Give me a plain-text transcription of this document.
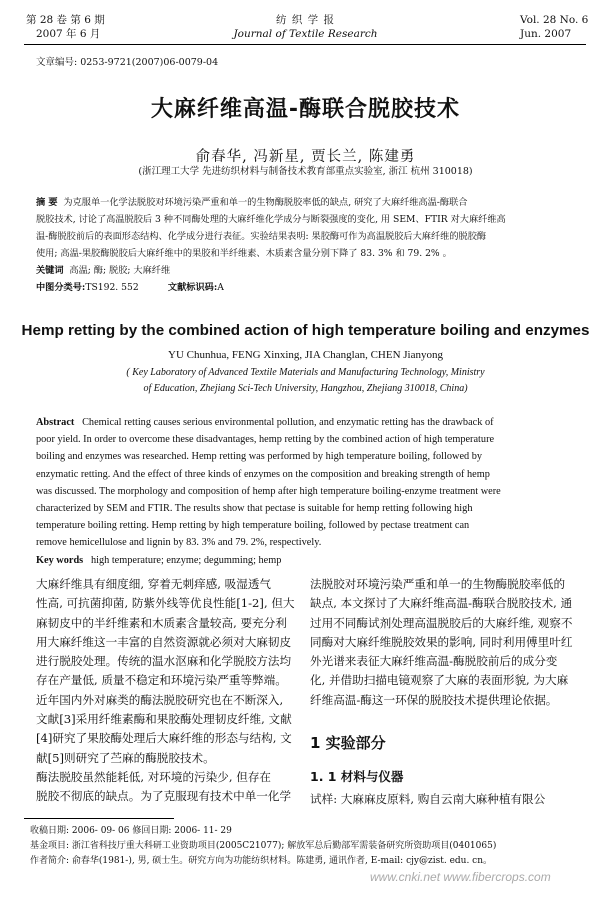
第 28 卷 第 6 期
2007 年 6 月
纺 织 学 报
Journal of Textile Research
Vol. 28 No. 6
Jun. 2007
文章编号: 0253-9721(2007)06-0079-04
大麻纤维高温-酶联合脱胶技术
俞春华, 冯新星, 贾长兰, 陈建勇
(浙江理工大学 先进纺织材料与制备技术教育部重点实验室, 浙江 杭州 310018)
摘 要 为克服单一化学法脱胶对环境污染严重和单一的生物酶脱胶率低的缺点, 研究了大麻纤维高温-酶联合
脱胶技术, 讨论了高温脱胶后 3 种不同酶处理的大麻纤维化学成分与断裂强度的变化, 用 SEM、FTIR 对大麻纤维高
温-酶脱胶前后的表面形态结构、化学成分进行表征。实验结果表明: 果胶酶可作为高温脱胶后大麻纤维的脱胶酶
使用; 高温-果胶酶脱胶后大麻纤维中的果胶和半纤维素、木质素含量分别下降了 83. 3% 和 79. 2% 。
关键词 高温; 酶; 脱胶; 大麻纤维
中图分类号:TS192. 552	文献标识码:A
Hemp retting by the combined action of high temperature boiling and enzymes
YU Chunhua, FENG Xinxing, JIA Changlan, CHEN Jianyong
( Key Laboratory of Advanced Textile Materials and Manufacturing Technology, Ministry
of Education, Zhejiang Sci-Tech University, Hangzhou, Zhejiang 310018, China)
Abstract Chemical retting causes serious environmental pollution, and enzymatic retting has the drawback of
poor yield. In order to overcome these disadvantages, hemp retting by the combined action of high temperature
boiling and enzymes was researched. Hemp retting was performed by high temperature boiling, followed by
enzymatic retting. And the effect of three kinds of enzymes on the composition and breaking strength of hemp
was discussed. The morphology and composition of hemp after high temperature boiling-enzyme treatment were
characterized by SEM and FTIR. The results show that pectase is suitable for hemp retting following high
temperature boiling retting. Hemp retting by high temperature boiling, followed by pectase treatment can
remove hemicellulose and lignin by 83. 3% and 79. 2%, respectively.
Key words high temperature; enzyme; degumming; hemp
大麻纤维具有细度细, 穿着无刺痒感, 吸湿透气
性高, 可抗菌抑菌, 防紫外线等优良性能[1-2], 但大
麻韧皮中的半纤维素和木质素含量较高, 要充分利
用大麻纤维这一丰富的自然资源就必须对大麻韧皮
进行脱胶处理。传统的温水沤麻和化学脱胶方法均
存在产量低, 质量不稳定和环境污染严重等弊端。
近年国内外对麻类的酶法脱胶研究也在不断深入,
文献[3]采用纤维素酶和果胶酶处理韧皮纤维, 文献
[4]研究了果胶酶处理后大麻纤维的形态与结构, 文
献[5]则研究了苎麻的酶脱胶技术。
酶法脱胶虽然能耗低, 对环境的污染少, 但存在
脱胶不彻底的缺点。为了克服现有技术中单一化学
法脱胶对环境污染严重和单一的生物酶脱胶率低的
缺点, 本文探讨了大麻纤维高温-酶联合脱胶技术, 通
过用不同酶试剂处理高温脱胶后的大麻纤维, 观察不
同酶对大麻纤维脱胶效果的影响, 同时利用傅里叶红
外光谱来表征大麻纤维高温-酶脱胶前后的成分变
化, 并借助扫描电镜观察了大麻的表面形貌, 为大麻
纤维高温-酶这一环保的脱胶技术提供理论依据。
1 实验部分
1. 1 材料与仪器
试样: 大麻麻皮原料, 购自云南大麻种植有限公
收稿日期: 2006- 09- 06 修回日期: 2006- 11- 29
基金项目: 浙江省科技厅重大科研工业资助项目(2005C21077); 解放军总后勤部军需装备研究所资助项目(0401065)
作者简介: 俞春华(1981-), 男, 硕士生。研究方向为功能纺织材料。陈建勇, 通讯作者, E-mail: cjy@zist. edu. cn。
www.cnki.net www.fibercrops.com
